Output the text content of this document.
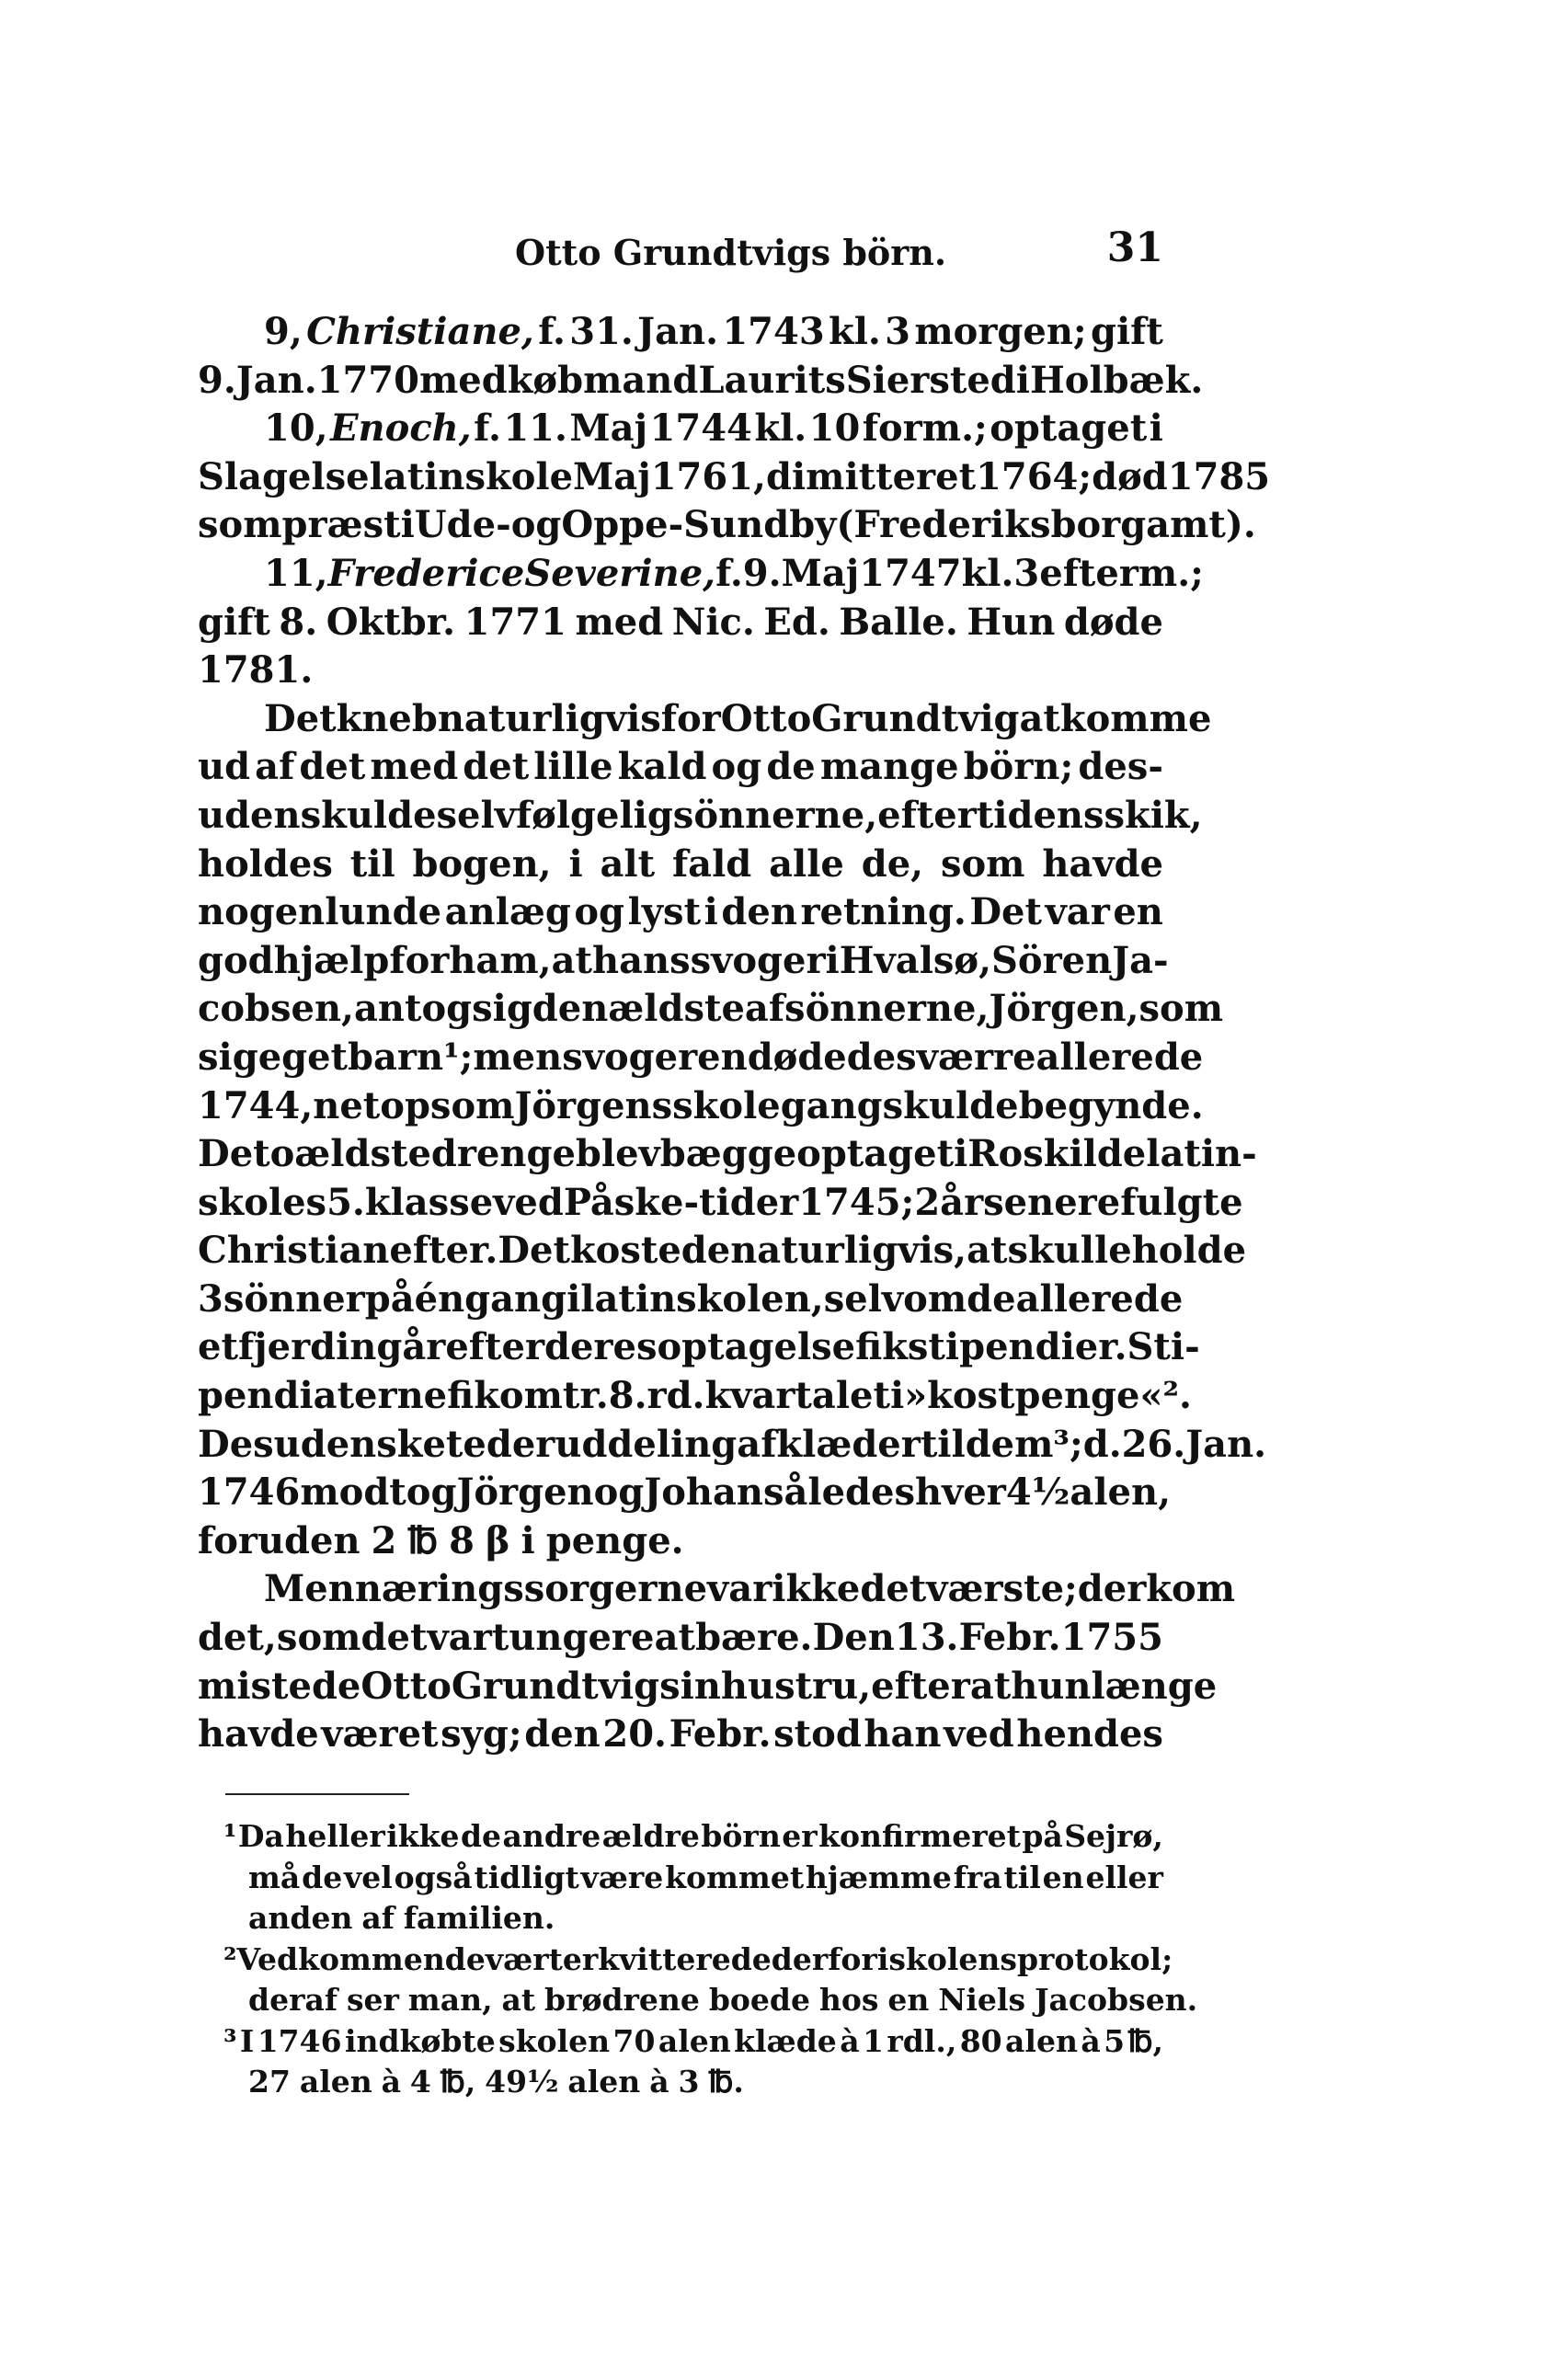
Otto Grundtvigs börn.	31
9, Christiane, f. 31. Jan. 1743 kl. 3 morgen; gift
9. Jan. 1770 med købmand Laurits Siersted i Holbæk.
10, Enoch, f. 11. Maj 1744 kl. 10 form.; optaget i
Slagelse latinskole Maj 1761, dimitteret 1764; død 1785
som præst i Ude- og Oppe-Sundby (Frederiksborg amt).
11, Frederice Severine, f. 9. Maj 1747 kl. 3 efterm.;
gift 8. Oktbr. 1771 med Nic. Ed. Balle. Hun døde
1781.
Det kneb naturligvis for Otto Grundtvig at komme
ud af det med det lille kald og de mange börn; des-
uden skulde selvfølgelig sönnerne, efter tidens skik,
holdes til bogen, i alt fald alle de, som havde
nogenlunde anlæg og lyst i den retning. Det var en
god hjælp for ham, at hans svoger i Hvalsø, Sören Ja-
cobsen, antog sig den ældste af sönnerne, Jörgen, som
sig eget barn¹; men svogeren døde des værre allerede
1744, netop som Jörgens skolegang skulde begynde.
De to ældste drenge blev bægge optaget i Roskilde latin-
skoles 5. klasse ved Påske-tider 1745; 2 år senere fulgte
Christian efter. Det kostede naturligvis, at skulle holde
3 sönner på én gang i latinskolen, selv om de allerede
et fjerdingår efter deres optagelse fik stipendier. Sti-
pendiaterne fik omtr. 8. rd. kvartalet i »kostpenge«².
Desuden skete der uddeling af klæder til dem³; d. 26. Jan.
1746 modtog Jörgen og Johan således hver 4½ alen,
foruden 2 ℔ 8 β i penge.
Men næringssorgerne var ikke det værste; der kom
det, som det var tungere at bære. Den 13. Febr. 1755
mistede Otto Grundtvig sin hustru, efter at hun længe
havde været syg; den 20. Febr. stod han ved hendes
¹ Da heller ikke de andre ældre börn er konfirmeret på Sejrø,
må de vel også tidligt være kommet hjæmme fra til en eller
anden af familien.
² Vedkommende værter kvitterede derfor i skolens protokol;
deraf ser man, at brødrene boede hos en Niels Jacobsen.
³ I 1746 indkøbte skolen 70 alen klæde à 1 rdl., 80 alen à 5 ℔,
27 alen à 4 ℔, 49½ alen à 3 ℔.
